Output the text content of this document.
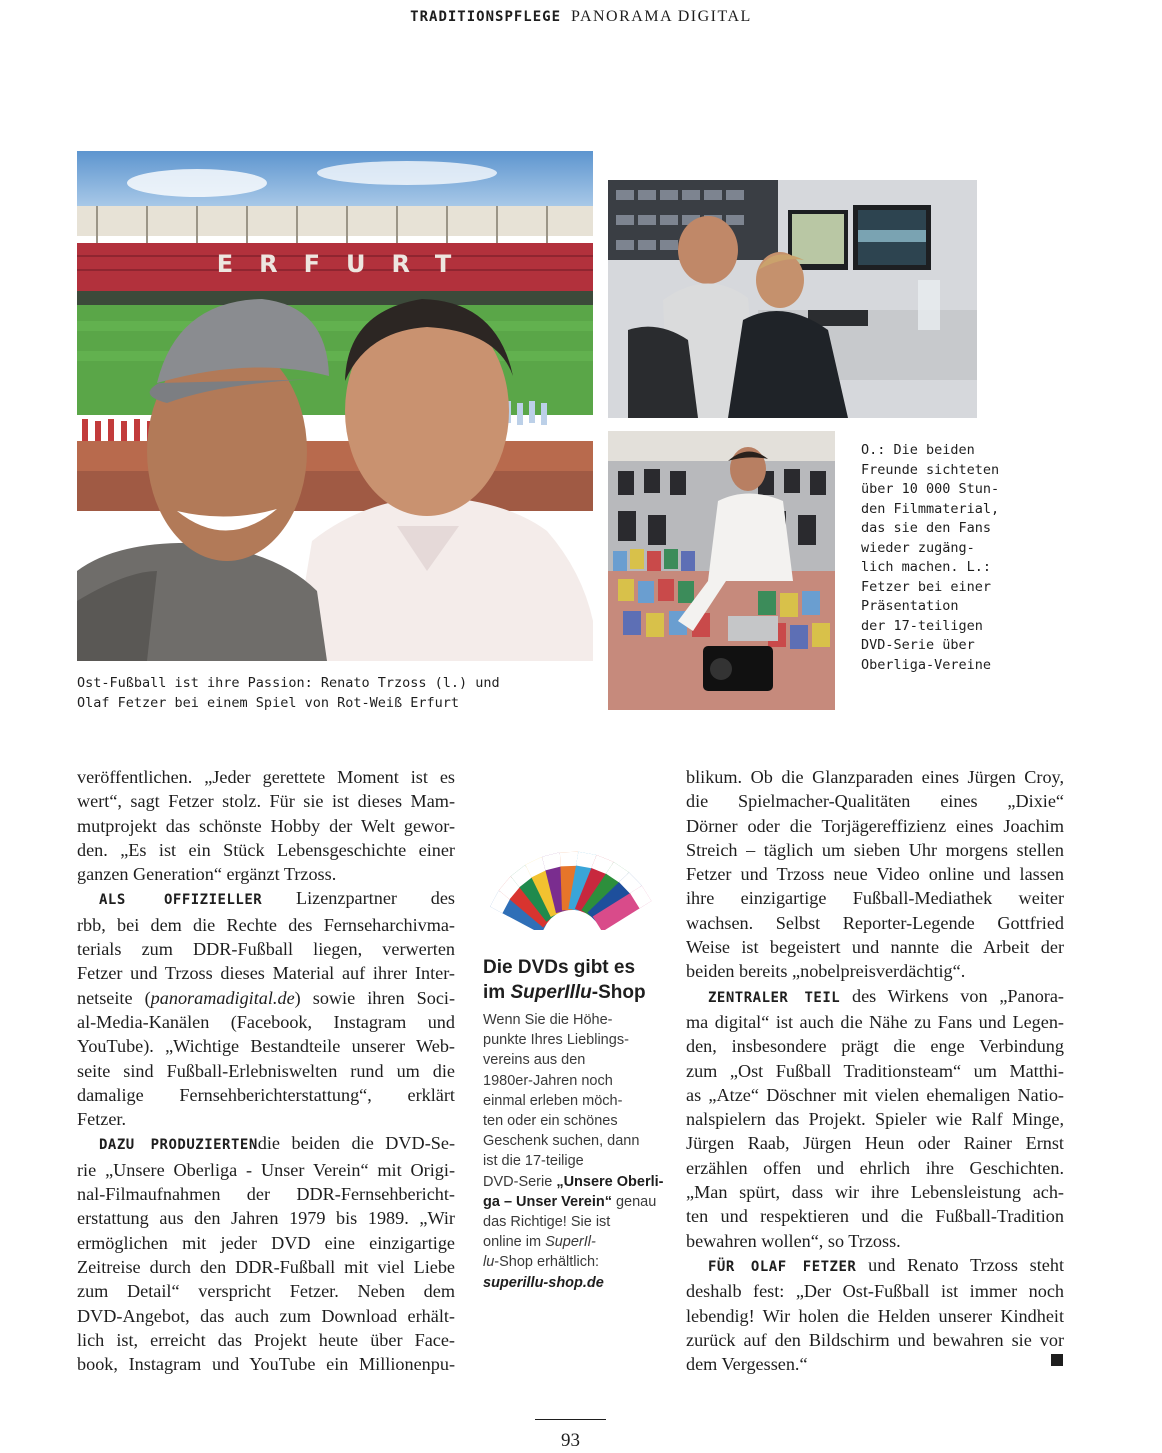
TRADITIONSPFLEGE PANORAMA DIGITAL
ERFURT

Ost-Fußball ist ihre Passion: Renato Trzoss (l.) und

Olaf Fetzer bei einem Spiel von Rot-Weiß Erfurt

O.: Die beiden

Freunde sichteten

über 10 000 Stun-

den Filmmaterial,

das sie den Fans

wieder zugäng-

lich machen. L.:

Fetzer bei einer

Präsentation

der 17-teiligen

DVD-Serie über

Oberliga-Vereine

veröffentlichen. „Jeder gerettete Moment ist es

wert“, sagt Fetzer stolz. Für sie ist dieses Mam-

mutprojekt das schönste Hobby der Welt gewor-

den. „Es ist ein Stück Lebensgeschichte einer

ganzen Generation“ ergänzt Trzoss.

ALS OFFIZIELLER Lizenzpartner des

rbb, bei dem die Rechte des Fernseharchivma-

terials zum DDR-Fußball liegen, verwerten

Fetzer und Trzoss dieses Material auf ihrer Inter-

netseite (panoramadigital.de) sowie ihren Soci-

al-Media-Kanälen (Facebook, Instagram und

YouTube). „Wichtige Bestandteile unserer Web-

seite sind Fußball-Erlebniswelten rund um die

damalige Fernsehberichterstattung“, erklärt

Fetzer.

DAZU PRODUZIERTENdie beiden die DVD-Se-

rie „Unsere Oberliga - Unser Verein“ mit Origi-

nal-Filmaufnahmen der DDR-Fernsehbericht-

erstattung aus den Jahren 1979 bis 1989. „Wir

ermöglichen mit jeder DVD eine einzigartige

Zeitreise durch den DDR-Fußball mit viel Liebe

zum Detail“ verspricht Fetzer. Neben dem

DVD-Angebot, das auch zum Download erhält-

lich ist, erreicht das Projekt heute über Face-

book, Instagram und YouTube ein Millionenpu-

Die DVDs gibt es

im SuperIllu-Shop

Wenn Sie die Höhe-

punkte Ihres Lieblings-

vereins aus den

1980er-Jahren noch

einmal erleben möch-

ten oder ein schönes

Geschenk suchen, dann

ist die 17-teilige

DVD-Serie „Unsere Oberli-

ga – Unser Verein“ genau

das Richtige! Sie ist

online im SuperIl-

lu-Shop erhältlich:

superillu-shop.de

blikum. Ob die Glanzparaden eines Jürgen Croy,

die Spielmacher-Qualitäten eines „Dixie“

Dörner oder die Torjägereffizienz eines Joachim

Streich – täglich um sieben Uhr morgens stellen

Fetzer und Trzoss neue Video online und lassen

ihre einzigartige Fußball-Mediathek weiter

wachsen. Selbst Reporter-Legende Gottfried

Weise ist begeistert und nannte die Arbeit der

beiden bereits „nobelpreisverdächtig“.

ZENTRALER TEIL des Wirkens von „Panora-

ma digital“ ist auch die Nähe zu Fans und Legen-

den, insbesondere prägt die enge Verbindung

zum „Ost Fußball Traditionsteam“ um Matthi-

as „Atze“ Döschner mit vielen ehemaligen Natio-

nalspielern das Projekt. Spieler wie Ralf Minge,

Jürgen Raab, Jürgen Heun oder Rainer Ernst

erzählen offen und ehrlich ihre Geschichten.

„Man spürt, dass wir ihre Lebensleistung ach-

ten und respektieren und die Fußball-Tradition

bewahren wollen“, so Trzoss.

FÜR OLAF FETZER und Renato Trzoss steht

deshalb fest: „Der Ost-Fußball ist immer noch

lebendig! Wir holen die Helden unserer Kindheit

zurück auf den Bildschirm und bewahren sie vor

dem Vergessen.“

93
